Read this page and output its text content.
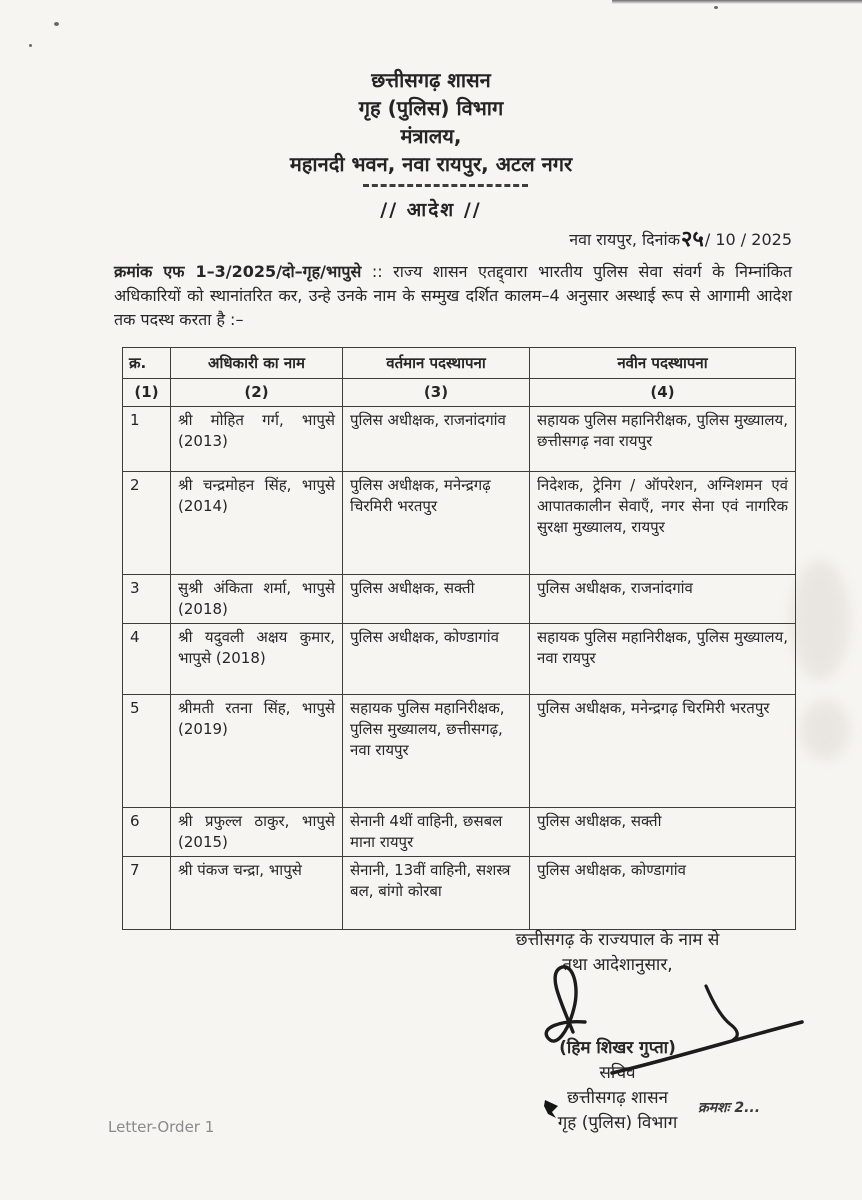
छत्तीसगढ़ शासन
गृह (पुलिस) विभाग
मंत्रालय,
महानदी भवन, नवा रायपुर, अटल नगर
// आदेश //
नवा रायपुर, दिनांक २५ / 10 / 2025
क्रमांक एफ 1–3/2025/दो–गृह/भापुसे :: राज्य शासन एतद्द्वारा भारतीय पुलिस सेवा संवर्ग के निम्नांकित अधिकारियों को स्थानांतरित कर, उन्हे उनके नाम के सम्मुख दर्शित कालम–4 अनुसार अस्थाई रूप से आगामी आदेश तक पदस्थ करता है :–
क्र.	अधिकारी का नाम	वर्तमान पदस्थापना	नवीन पदस्थापना
(1)	(2)	(3)	(4)
1	श्री मोहित गर्ग, भापुसे (2013)	पुलिस अधीक्षक, राजनांदगांव	सहायक पुलिस महानिरीक्षक, पुलिस मुख्यालय, छत्तीसगढ़ नवा रायपुर
2	श्री चन्द्रमोहन सिंह, भापुसे (2014)	पुलिस अधीक्षक, मनेन्द्रगढ़ चिरमिरी भरतपुर	निदेशक, ट्रेनिग / ऑपरेशन, अग्निशमन एवं आपातकालीन सेवाएँ, नगर सेना एवं नागरिक सुरक्षा मुख्यालय, रायपुर
3	सुश्री अंकिता शर्मा, भापुसे (2018)	पुलिस अधीक्षक, सक्ती	पुलिस अधीक्षक, राजनांदगांव
4	श्री यदुवली अक्षय कुमार, भापुसे (2018)	पुलिस अधीक्षक, कोण्डागांव	सहायक पुलिस महानिरीक्षक, पुलिस मुख्यालय, नवा रायपुर
5	श्रीमती रतना सिंह, भापुसे (2019)	सहायक पुलिस महानिरीक्षक, पुलिस मुख्यालय, छत्तीसगढ़, नवा रायपुर	पुलिस अधीक्षक, मनेन्द्रगढ़ चिरमिरी भरतपुर
6	श्री प्रफुल्ल ठाकुर, भापुसे (2015)	सेनानी 4थीं वाहिनी, छसबल माना रायपुर	पुलिस अधीक्षक, सक्ती
7	श्री पंकज चन्द्रा, भापुसे	सेनानी, 13वीं वाहिनी, सशस्त्र बल, बांगो कोरबा	पुलिस अधीक्षक, कोण्डागांव
छत्तीसगढ़ के राज्यपाल के नाम से
तथा आदेशानुसार,
(हिम शिखर गुप्ता)
सचिव
छत्तीसगढ़ शासन
गृह (पुलिस) विभाग
क्रमशः 2...
Letter-Order 1
